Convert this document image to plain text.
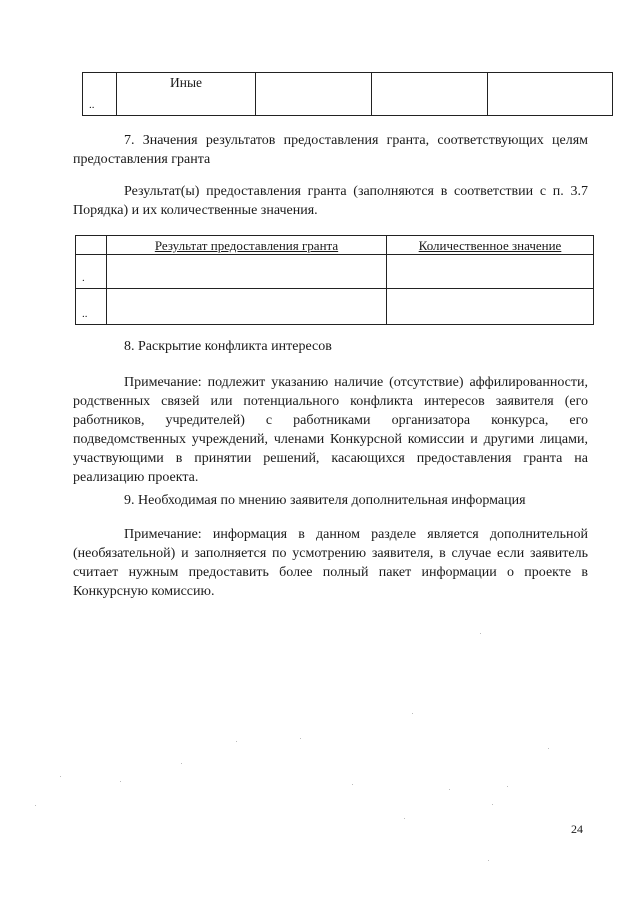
..	Иные			
7. Значения результатов предоставления гранта, соответствующих целям предоставления гранта
Результат(ы) предоставления гранта (заполняются в соответствии с п. 3.7 Порядка) и их количественные значения.
	Результат предоставления гранта	Количественное значение
.		
..		
8. Раскрытие конфликта интересов
Примечание: подлежит указанию наличие (отсутствие) аффилированности, родственных связей или потенциального конфликта интересов заявителя (его работников, учредителей) с работниками организатора конкурса, его подведомственных учреждений, членами Конкурсной комиссии и другими лицами, участвующими в принятии решений, касающихся предоставления гранта на реализацию проекта.
9. Необходимая по мнению заявителя дополнительная информация
Примечание: информация в данном разделе является дополнительной (необязательной) и заполняется по усмотрению заявителя, в случае если заявитель считает нужным предоставить более полный пакет информации о проекте в Конкурсную комиссию.
24
